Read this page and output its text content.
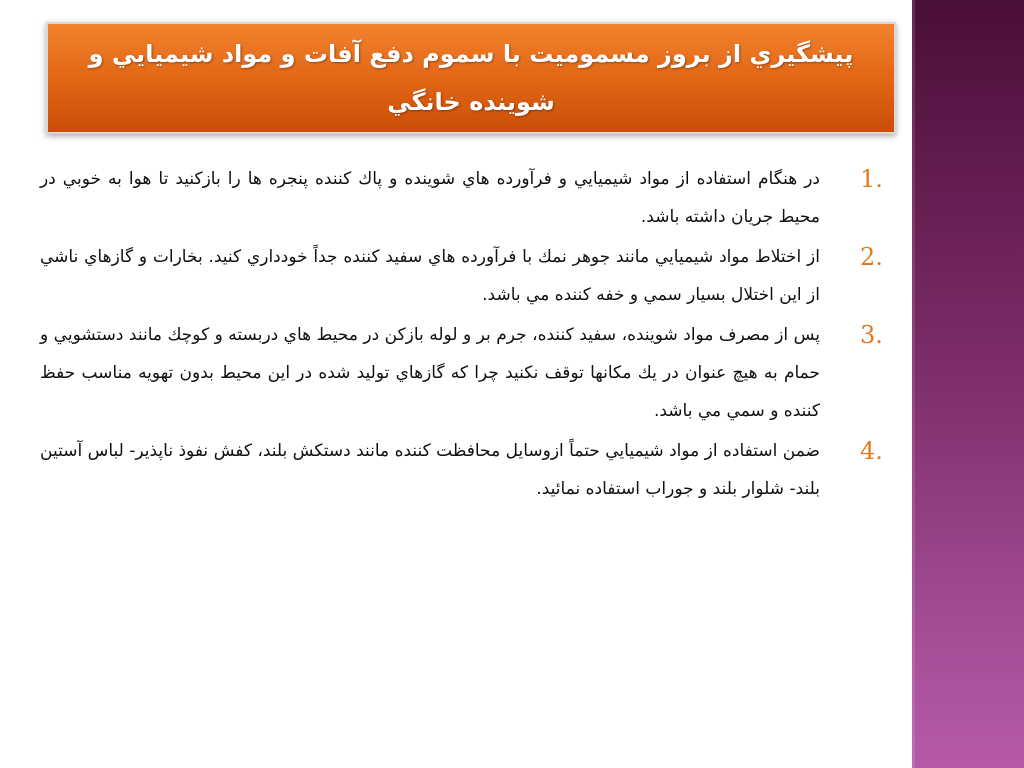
پيشگيري از بروز مسموميت با سموم دفع آفات و مواد شيميايي و شوينده خانگي
1.
در هنگام استفاده از مواد شيميايي و فرآورده هاي شوينده و پاك كننده پنجره ها را بازكنيد تا هوا به خوبي در محيط جريان داشته باشد.
2.
از اختلاط مواد شيميايي مانند جوهر نمك با فرآورده هاي سفيد كننده جداً خودداري كنيد. بخارات و گازهاي ناشي از اين اختلال بسيار سمي و خفه كننده مي باشد.
3.
پس از مصرف مواد شوينده، سفيد كننده، جرم بر و لوله بازكن در محيط هاي دربسته و كوچك مانند دستشويي و حمام به هيچ عنوان در يك مكانها توقف نكنيد چرا كه گازهاي توليد شده در اين محيط بدون تهويه مناسب حفظ كننده و سمي مي باشد.
4.
ضمن استفاده از مواد شيميايي حتماً ازوسايل محافظت كننده مانند دستكش بلند، كفش نفوذ ناپذير- لباس آستين بلند- شلوار بلند و جوراب استفاده نمائيد.
